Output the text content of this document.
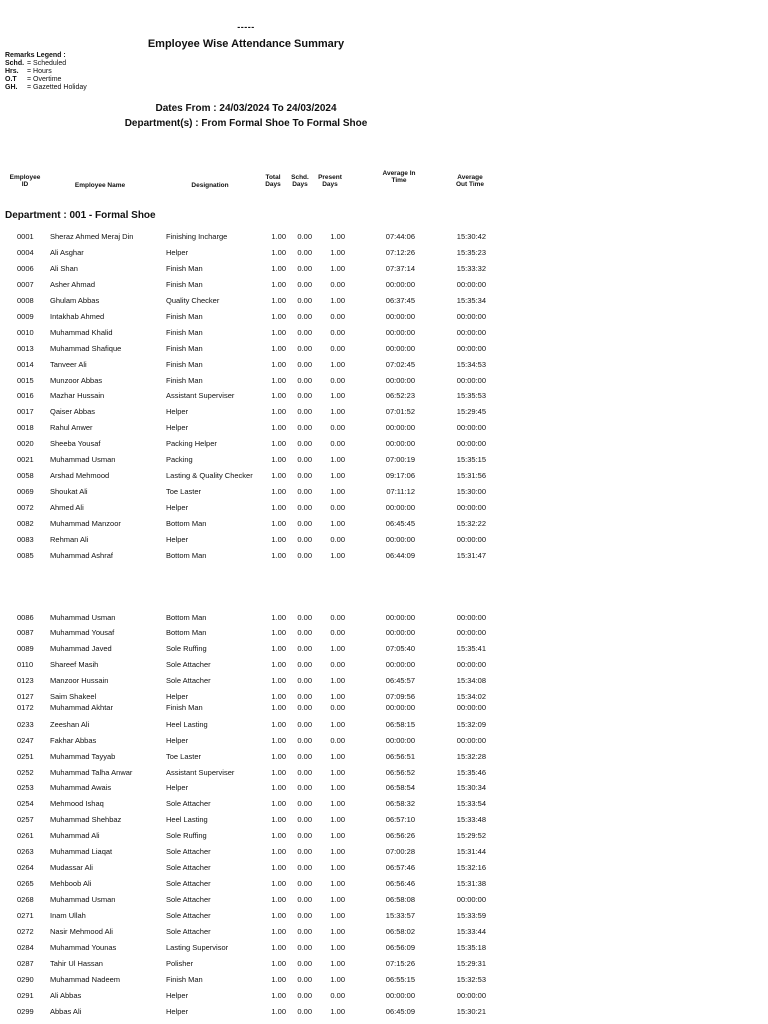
-----
Employee Wise Attendance Summary
Remarks Legend :
Schd. = Scheduled
Hrs.	= Hours
O.T	= Overtime
GH.	= Gazetted Holiday
Dates From : 24/03/2024 To 24/03/2024
Department(s) : From Formal Shoe To Formal Shoe
Employee
ID	Employee Name	Designation
Total
Days
Schd.
Days
Present
Days
Average In
Time	Average
Out Time
Department : 001 - Formal Shoe
0001 Sheraz Ahmed Meraj Din	Finishing Incharge	1.00	0.00	1.00	07:44:06	15:30:42
0004 Ali Asghar	Helper	1.00	0.00	1.00	07:12:26	15:35:23
0006 Ali Shan	Finish Man	1.00	0.00	1.00	07:37:14	15:33:32
0007 Asher Ahmad	Finish Man	1.00	0.00	0.00	00:00:00	00:00:00
0008 Ghulam Abbas	Quality Checker	1.00	0.00	1.00	06:37:45	15:35:34
0009 Intakhab Ahmed	Finish Man	1.00	0.00	0.00	00:00:00	00:00:00
0010 Muhammad Khalid	Finish Man	1.00	0.00	0.00	00:00:00	00:00:00
0013 Muhammad Shafique	Finish Man	1.00	0.00	0.00	00:00:00	00:00:00
0014 Tanveer Ali	Finish Man	1.00	0.00	1.00	07:02:45	15:34:53
0015 Munzoor Abbas	Finish Man	1.00	0.00	0.00	00:00:00	00:00:00
0016 Mazhar Hussain	Assistant Superviser	1.00	0.00	1.00	06:52:23	15:35:53
0017 Qaiser Abbas	Helper	1.00	0.00	1.00	07:01:52	15:29:45
0018 Rahul Anwer	Helper	1.00	0.00	0.00	00:00:00	00:00:00
0020 Sheeba Yousaf	Packing Helper	1.00	0.00	0.00	00:00:00	00:00:00
0021 Muhammad Usman	Packing	1.00	0.00	1.00	07:00:19	15:35:15
0058 Arshad Mehmood	Lasting & Quality Checker	1.00	0.00	1.00	09:17:06	15:31:56
0069 Shoukat Ali	Toe Laster	1.00	0.00	1.00	07:11:12	15:30:00
0072 Ahmed Ali	Helper	1.00	0.00	0.00	00:00:00	00:00:00
0082 Muhammad Manzoor	Bottom Man	1.00	0.00	1.00	06:45:45	15:32:22
0083 Rehman Ali	Helper	1.00	0.00	0.00	00:00:00	00:00:00
0085 Muhammad Ashraf	Bottom Man	1.00	0.00	1.00	06:44:09	15:31:47
0086 Muhammad Usman	Bottom Man	1.00	0.00	0.00	00:00:00	00:00:00
0087 Muhammad Yousaf	Bottom Man	1.00	0.00	0.00	00:00:00	00:00:00
0089 Muhammad Javed	Sole Ruffing	1.00	0.00	1.00	07:05:40	15:35:41
0110 Shareef Masih	Sole Attacher	1.00	0.00	0.00	00:00:00	00:00:00
0123 Manzoor Hussain	Sole Attacher	1.00	0.00	1.00	06:45:57	15:34:08
0127 Saim Shakeel	Helper	1.00	0.00	1.00	07:09:56	15:34:02
0172 Muhammad Akhtar	Finish Man	1.00	0.00	0.00	00:00:00	00:00:00
0233 Zeeshan Ali	Heel Lasting	1.00	0.00	1.00	06:58:15	15:32:09
0247 Fakhar Abbas	Helper	1.00	0.00	0.00	00:00:00	00:00:00
0251 Muhammad Tayyab	Toe Laster	1.00	0.00	1.00	06:56:51	15:32:28
0252 Muhammad Talha Anwar	Assistant Superviser	1.00	0.00	1.00	06:56:52	15:35:46
0253 Muhammad Awais	Helper	1.00	0.00	1.00	06:58:54	15:30:34
0254 Mehmood Ishaq	Sole Attacher	1.00	0.00	1.00	06:58:32	15:33:54
0257 Muhammad Shehbaz	Heel Lasting	1.00	0.00	1.00	06:57:10	15:33:48
0261 Muhammad Ali	Sole Ruffing	1.00	0.00	1.00	06:56:26	15:29:52
0263 Muhammad Liaqat	Sole Attacher	1.00	0.00	1.00	07:00:28	15:31:44
0264 Mudassar Ali	Sole Attacher	1.00	0.00	1.00	06:57:46	15:32:16
0265 Mehboob Ali	Sole Attacher	1.00	0.00	1.00	06:56:46	15:31:38
0268 Muhammad Usman	Sole Attacher	1.00	0.00	1.00	06:58:08	00:00:00
0271 Inam Ullah	Sole Attacher	1.00	0.00	1.00	15:33:57	15:33:59
0272 Nasir Mehmood Ali	Sole Attacher	1.00	0.00	1.00	06:58:02	15:33:44
0284 Muhammad Younas	Lasting Supervisor	1.00	0.00	1.00	06:56:09	15:35:18
0287 Tahir Ul Hassan	Polisher	1.00	0.00	1.00	07:15:26	15:29:31
0290 Muhammad Nadeem	Finish Man	1.00	0.00	1.00	06:55:15	15:32:53
0291 Ali Abbas	Helper	1.00	0.00	0.00	00:00:00	00:00:00
0299 Abbas Ali	Helper	1.00	0.00	1.00	06:45:09	15:30:21
